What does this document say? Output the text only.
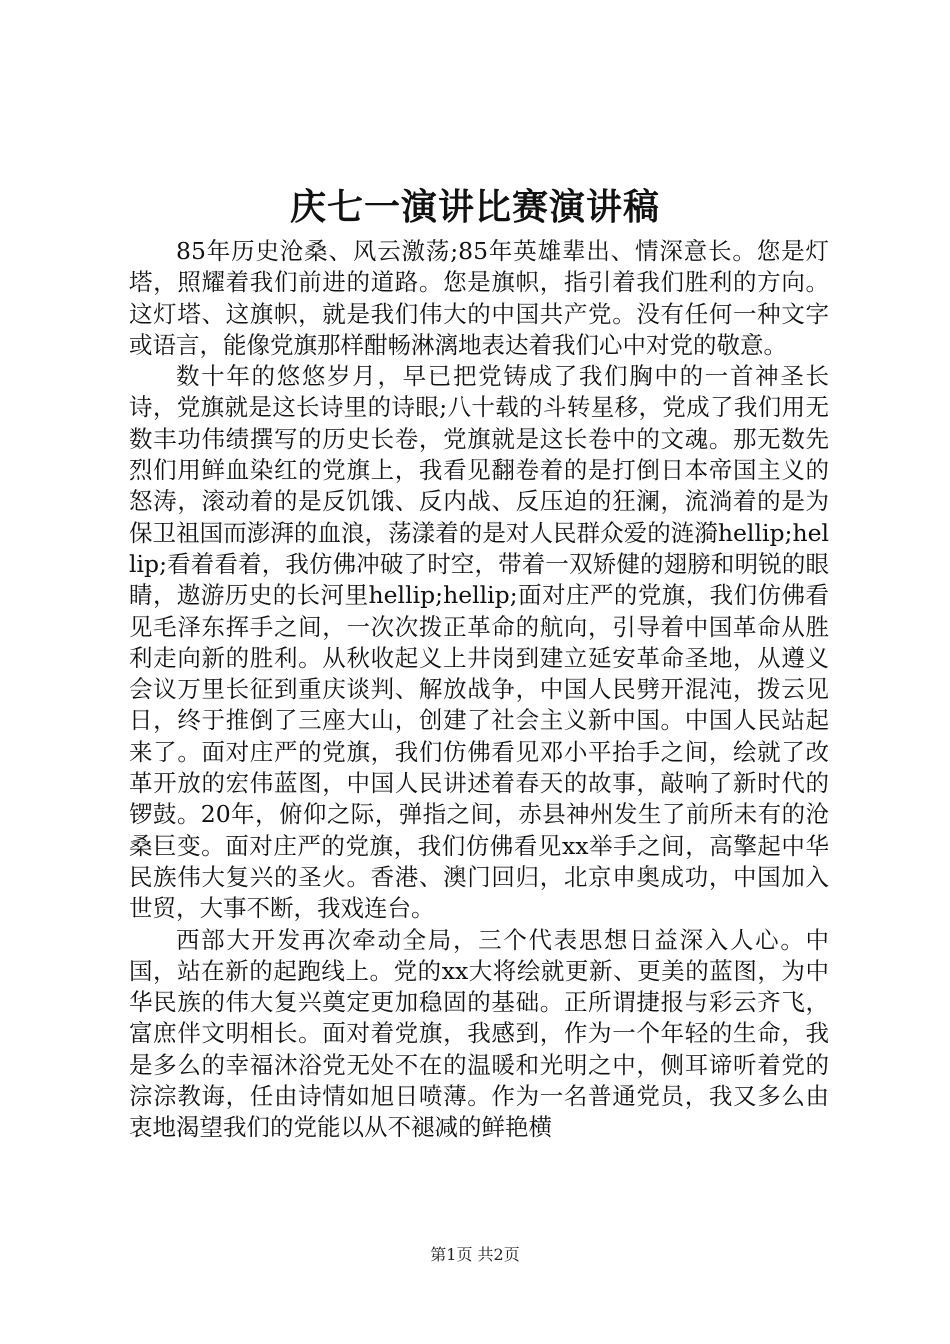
庆七一演讲比赛演讲稿

85年历史沧桑、风云激荡;85年英雄辈出、情深意长。您是灯塔，照耀着我们前进的道路。您是旗帜，指引着我们胜利的方向。这灯塔、这旗帜，就是我们伟大的中国共产党。没有任何一种文字或语言，能像党旗那样酣畅淋漓地表达着我们心中对党的敬意。

数十年的悠悠岁月，早已把党铸成了我们胸中的一首神圣长诗，党旗就是这长诗里的诗眼;八十载的斗转星移，党成了我们用无数丰功伟绩撰写的历史长卷，党旗就是这长卷中的文魂。那无数先烈们用鲜血染红的党旗上，我看见翻卷着的是打倒日本帝国主义的怒涛，滚动着的是反饥饿、反内战、反压迫的狂澜，流淌着的是为保卫祖国而澎湃的血浪，荡漾着的是对人民群众爱的涟漪hellip;hellip;看着看着，我仿佛冲破了时空，带着一双矫健的翅膀和明锐的眼睛，遨游历史的长河里hellip;hellip;面对庄严的党旗，我们仿佛看见毛泽东挥手之间，一次次拨正革命的航向，引导着中国革命从胜利走向新的胜利。从秋收起义上井岗到建立延安革命圣地，从遵义会议万里长征到重庆谈判、解放战争，中国人民劈开混沌，拨云见日，终于推倒了三座大山，创建了社会主义新中国。中国人民站起来了。面对庄严的党旗，我们仿佛看见邓小平抬手之间，绘就了改革开放的宏伟蓝图，中国人民讲述着春天的故事，敲响了新时代的锣鼓。20年，俯仰之际，弹指之间，赤县神州发生了前所未有的沧桑巨变。面对庄严的党旗，我们仿佛看见xx举手之间，高擎起中华民族伟大复兴的圣火。香港、澳门回归，北京申奥成功，中国加入世贸，大事不断，我戏连台。

西部大开发再次牵动全局，三个代表思想日益深入人心。中国，站在新的起跑线上。党的xx大将绘就更新、更美的蓝图，为中华民族的伟大复兴奠定更加稳固的基础。正所谓捷报与彩云齐飞，富庶伴文明相长。面对着党旗，我感到，作为一个年轻的生命，我是多么的幸福沐浴党无处不在的温暖和光明之中，侧耳谛听着党的淙淙教诲，任由诗情如旭日喷薄。作为一名普通党员，我又多么由衷地渴望我们的党能以从不褪减的鲜艳横

第1页 共2页
